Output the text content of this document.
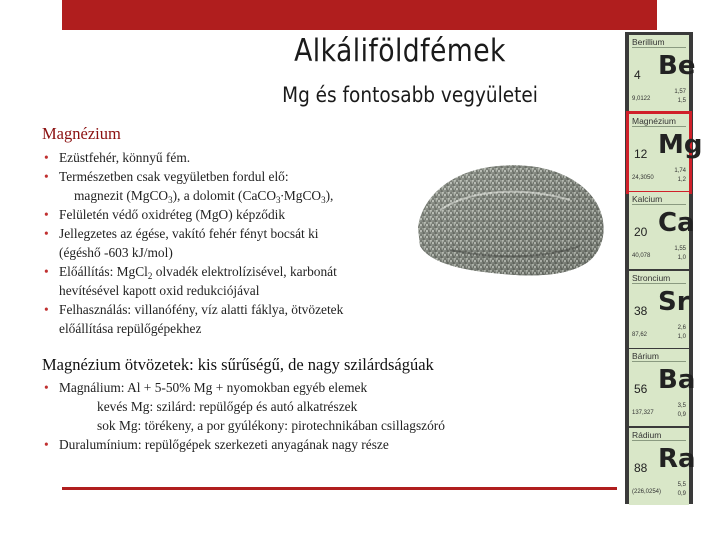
Alkáliföldfémek
Mg és fontosabb vegyületei
Magnézium
• Ezüstfehér, könnyű fém.
• Természetben csak vegyületben fordul elő:
magnezit (MgCO$_3$), a dolomit (CaCO$_3$∙MgCO$_3$),
• Felületén védő oxidréteg (MgO) képződik
• Jellegzetes az égése, vakító fehér fényt bocsát ki
(égéshő -603 kJ/mol)
• Előállítás: MgCl$_2$ olvadék elektrolízisével, karbonát
hevítésével kapott oxid redukciójával
• Felhasználás: villanófény, víz alatti fáklya, ötvözetek
előállítása repülőgépekhez
Magnézium ötvözetek: kis sűrűségű, de nagy szilárdságúak
• Magnálium: Al + 5-50% Mg + nyomokban egyéb elemek
kevés Mg: szilárd: repülőgép és autó alkatrészek
sok Mg: törékeny, a por gyúlékony: pirotechnikában csillagszóró
• Duralumínium: repülőgépek szerkezeti anyagának nagy része
Berillium
4 Be
9,0122
1,57
1,5
Magnézium
12 Mg
24,3050
1,74
1,2
Kalcium
20 Ca
40,078
1,55
1,0
Stroncium
38 Sr
87,62
2,6
1,0
Bárium
56 Ba
137,327
3,5
0,9
Rádium
88 Ra
(226,0254)
5,5
0,9
